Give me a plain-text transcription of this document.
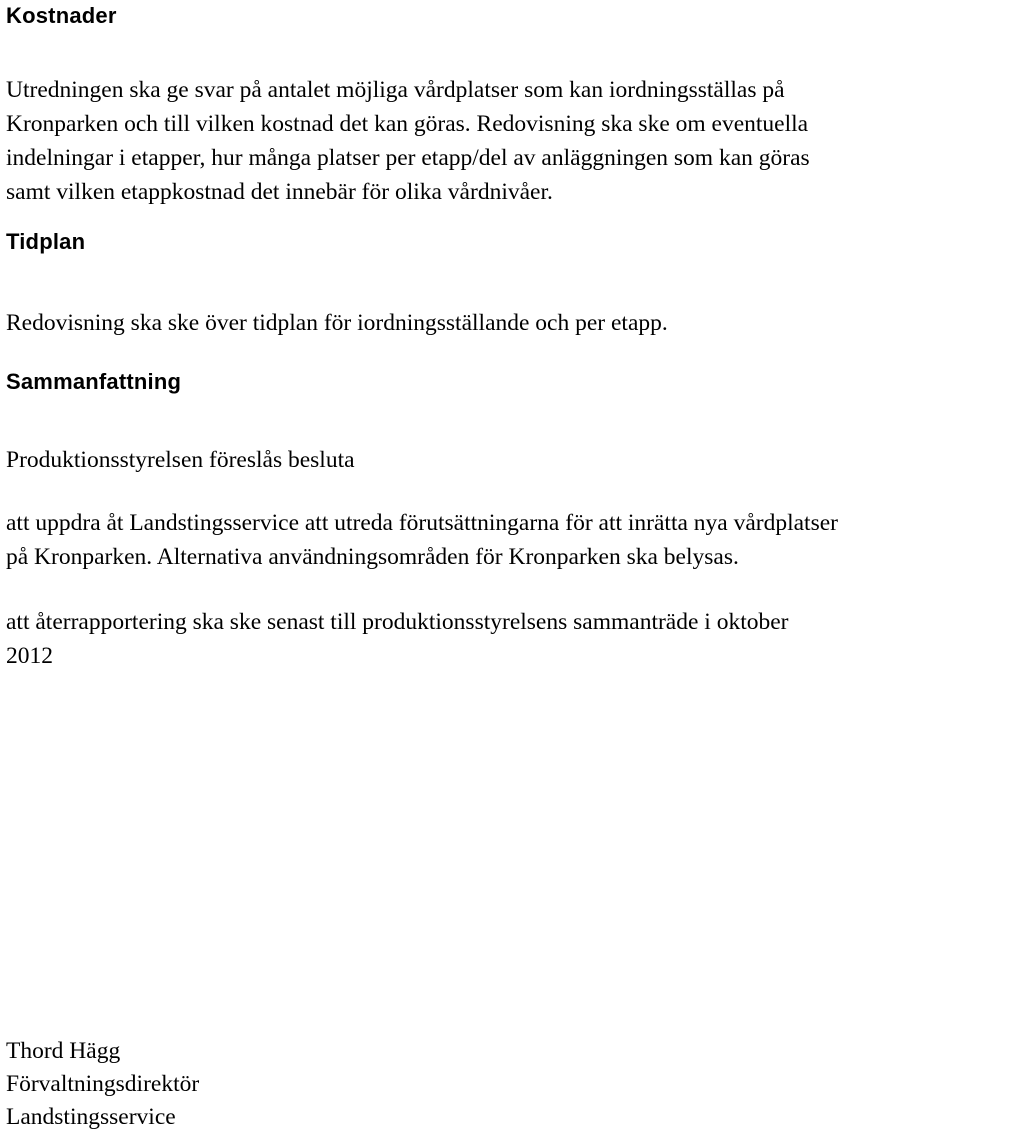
Kostnader

Utredningen ska ge svar på antalet möjliga vårdplatser som kan iordningsställas på
Kronparken och till vilken kostnad det kan göras. Redovisning ska ske om eventuella
indelningar i etapper, hur många platser per etapp/del av anläggningen som kan göras
samt vilken etappkostnad det innebär för olika vårdnivåer.

Tidplan

Redovisning ska ske över tidplan för iordningsställande och per etapp.

Sammanfattning

Produktionsstyrelsen föreslås besluta

att uppdra åt Landstingsservice att utreda förutsättningarna för att inrätta nya vårdplatser
på Kronparken. Alternativa användningsområden för Kronparken ska belysas.

att återrapportering ska ske senast till produktionsstyrelsens sammanträde i oktober
2012

Thord Hägg
Förvaltningsdirektör
Landstingsservice
